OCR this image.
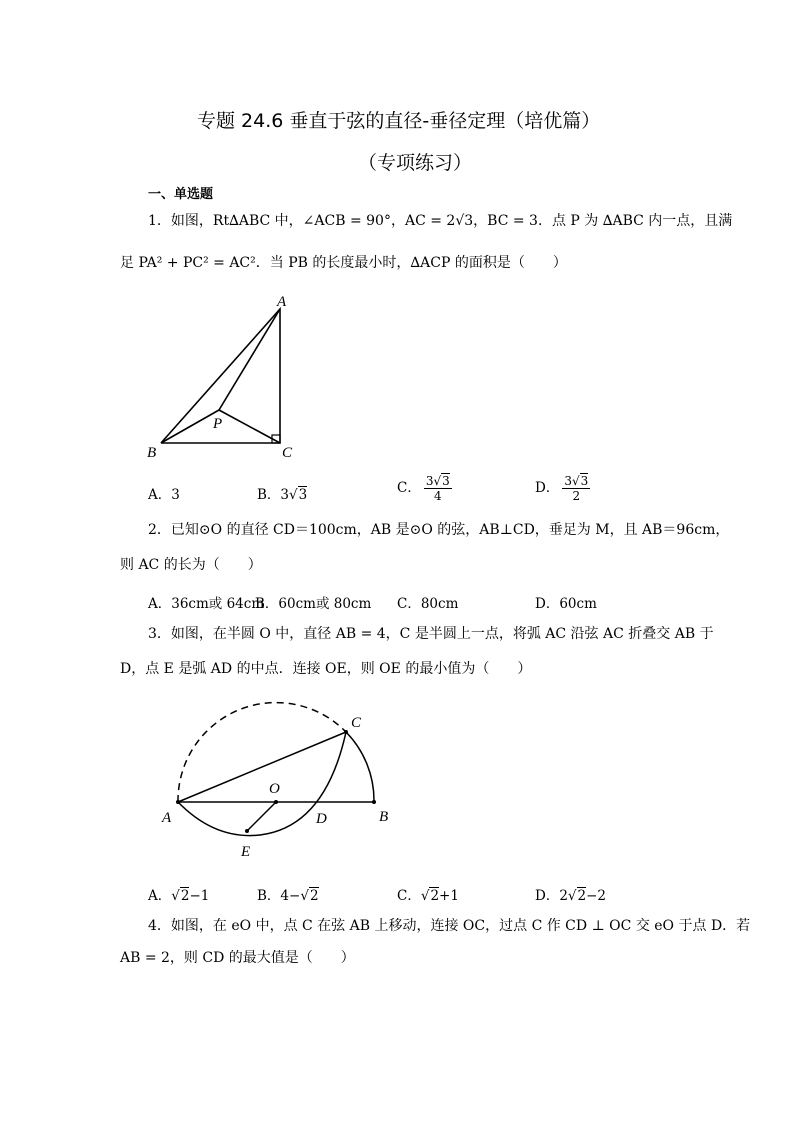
专题 24.6 垂直于弦的直径-垂径定理（培优篇）
（专项练习）
一、单选题
1．如图，Rt∆ABC 中，∠ACB = 90°，AC = 2√3，BC = 3．点 P 为 ∆ABC 内一点，且满
足 PA² + PC² = AC²．当 PB 的长度最小时，∆ACP 的面积是（　　）
A
B	C
P
A．3	B．3√3	C． $\frac{3√3}{4}$	D． $\frac{3√3}{2}$
2．已知⊙O 的直径 CD＝100cm，AB 是⊙O 的弦，AB⊥CD，垂足为 M，且 AB＝96cm，
则 AC 的长为（　　）
A．36cm或 64cm
B．60cm或 80cm C．80cm	D．60cm
3．如图，在半圆 O 中，直径 AB = 4，C 是半圆上一点，将弧 AC 沿弦 AC 折叠交 AB 于
D，点 E 是弧 AD 的中点．连接 OE，则 OE 的最小值为（　　）
A	B
C
D
E
O
A．√2−1	B．4−√2	C．√2+1	D．2√2−2
4．如图，在 eO 中，点 C 在弦 AB 上移动，连接 OC，过点 C 作 CD ⊥ OC 交 eO 于点 D．若
AB = 2，则 CD 的最大值是（　　）
